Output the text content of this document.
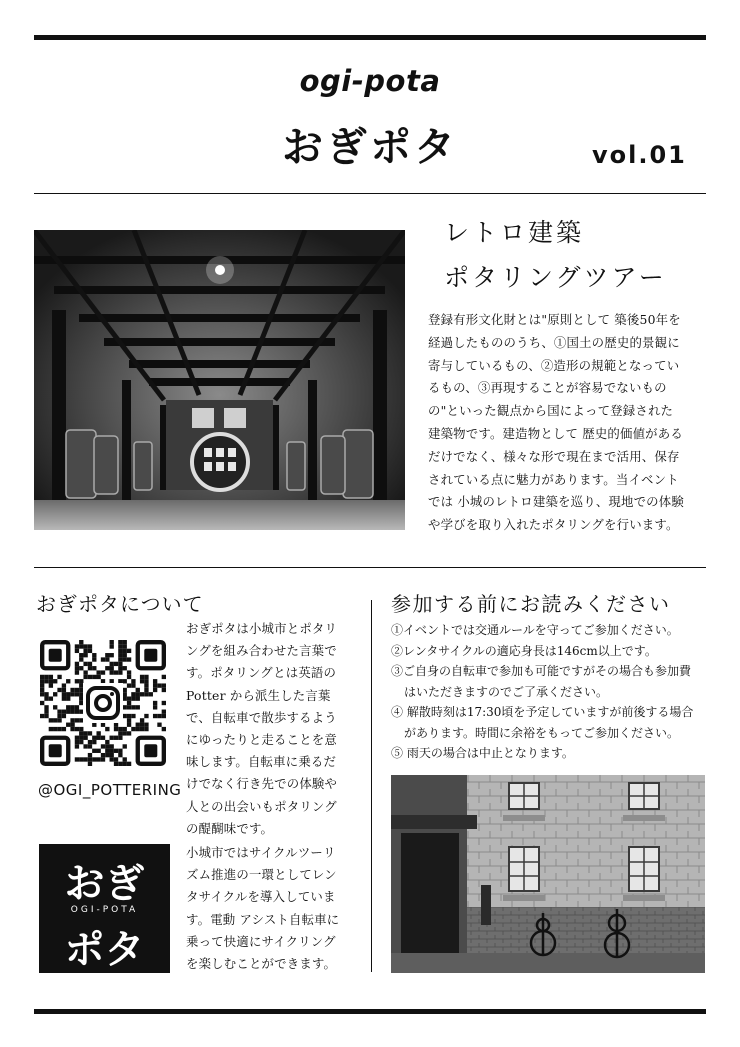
ogi-pota
おぎポタ	vol.01
レトロ建築
ポタリングツアー
登録有形文化財とは"原則として 築後50年を
経過したもののうち、①国土の歴史的景観に
寄与しているもの、②造形の規範となってい
るもの、③再現することが容易でないもの
の"といった観点から国によって登録された
建築物です。建造物として 歴史的価値がある
だけでなく、様々な形で現在まで活用、保存
されている点に魅力があります。当イベント
では 小城のレトロ建築を巡り、現地での体験
や学びを取り入れたポタリングを行います。
おぎポタについて
@OGI_POTTERING
おぎ
OGI-POTA
ポタ
おぎポタは小城市とポタリ
ングを組み合わせた言葉で
す。ポタリングとは英語の
Potter から派生した言葉
で、自転車で散歩するよう
にゆったりと走ることを意
味します。自転車に乗るだ
けでなく行き先での体験や
人との出会いもポタリング
の醍醐味です。
小城市ではサイクルツーリ
ズム推進の一環としてレン
タサイクルを導入していま
す。電動 アシスト自転車に
乗って快適にサイクリング
を楽しむことができます。
参加する前にお読みください
①イベントでは交通ルールを守ってご参加ください。
②レンタサイクルの適応身長は146cm以上です。
③ご自身の自転車で参加も可能ですがその場合も参加費
はいただきますのでご了承ください。
④ 解散時刻は17:30頃を予定していますが前後する場合
があります。時間に余裕をもってご参加ください。
⑤ 雨天の場合は中止となります。
